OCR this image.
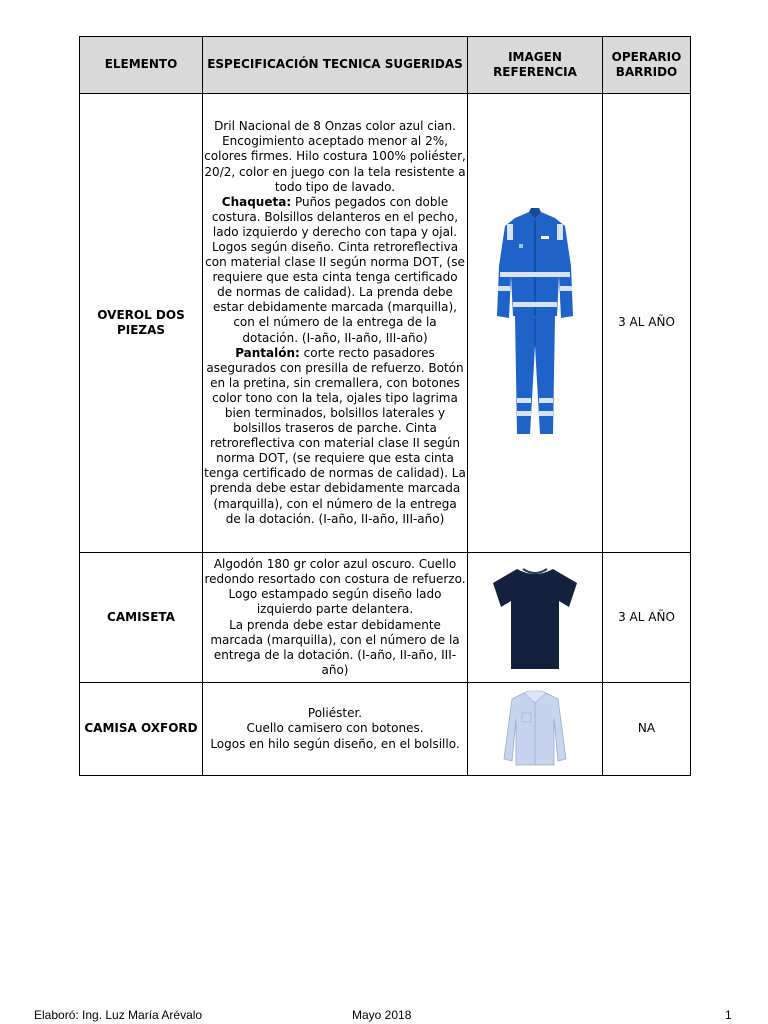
ELEMENTO	ESPECIFICACIÓN TECNICA SUGERIDAS	IMAGEN REFERENCIA	OPERARIO BARRIDO
OVEROL DOS PIEZAS	Dril Nacional de 8 Onzas color azul cian. Encogimiento aceptado menor al 2%, colores firmes. Hilo costura 100% poliéster, 20/2, color en juego con la tela resistente a todo tipo de lavado.
Chaqueta: Puños pegados con doble costura. Bolsillos delanteros en el pecho, lado izquierdo y derecho con tapa y ojal. Logos según diseño. Cinta retroreflectiva con material clase II según norma DOT, (se requiere que esta cinta tenga certificado de normas de calidad). La prenda debe estar debidamente marcada (marquilla), con el número de la entrega de la dotación. (I-año, II-año, III-año)
Pantalón: corte recto pasadores asegurados con presilla de refuerzo. Botón en la pretina, sin cremallera, con botones color tono con la tela, ojales tipo lagrima bien terminados, bolsillos laterales y bolsillos traseros de parche. Cinta retroreflectiva con material clase II según norma DOT, (se requiere que esta cinta tenga certificado de normas de calidad). La prenda debe estar debidamente marcada (marquilla), con el número de la entrega de la dotación. (I-año, II-año, III-año)		3 AL AÑO
CAMISETA	Algodón 180 gr color azul oscuro. Cuello redondo resortado con costura de refuerzo. Logo estampado según diseño lado izquierdo parte delantera.
La prenda debe estar debidamente marcada (marquilla), con el número de la entrega de la dotación. (I-año, II-año, III-año)		3 AL AÑO
CAMISA OXFORD	Poliéster.
Cuello camisero con botones.
Logos en hilo según diseño, en el bolsillo.		NA
Elaboró: Ing. Luz María Arévalo	Mayo 2018	1
